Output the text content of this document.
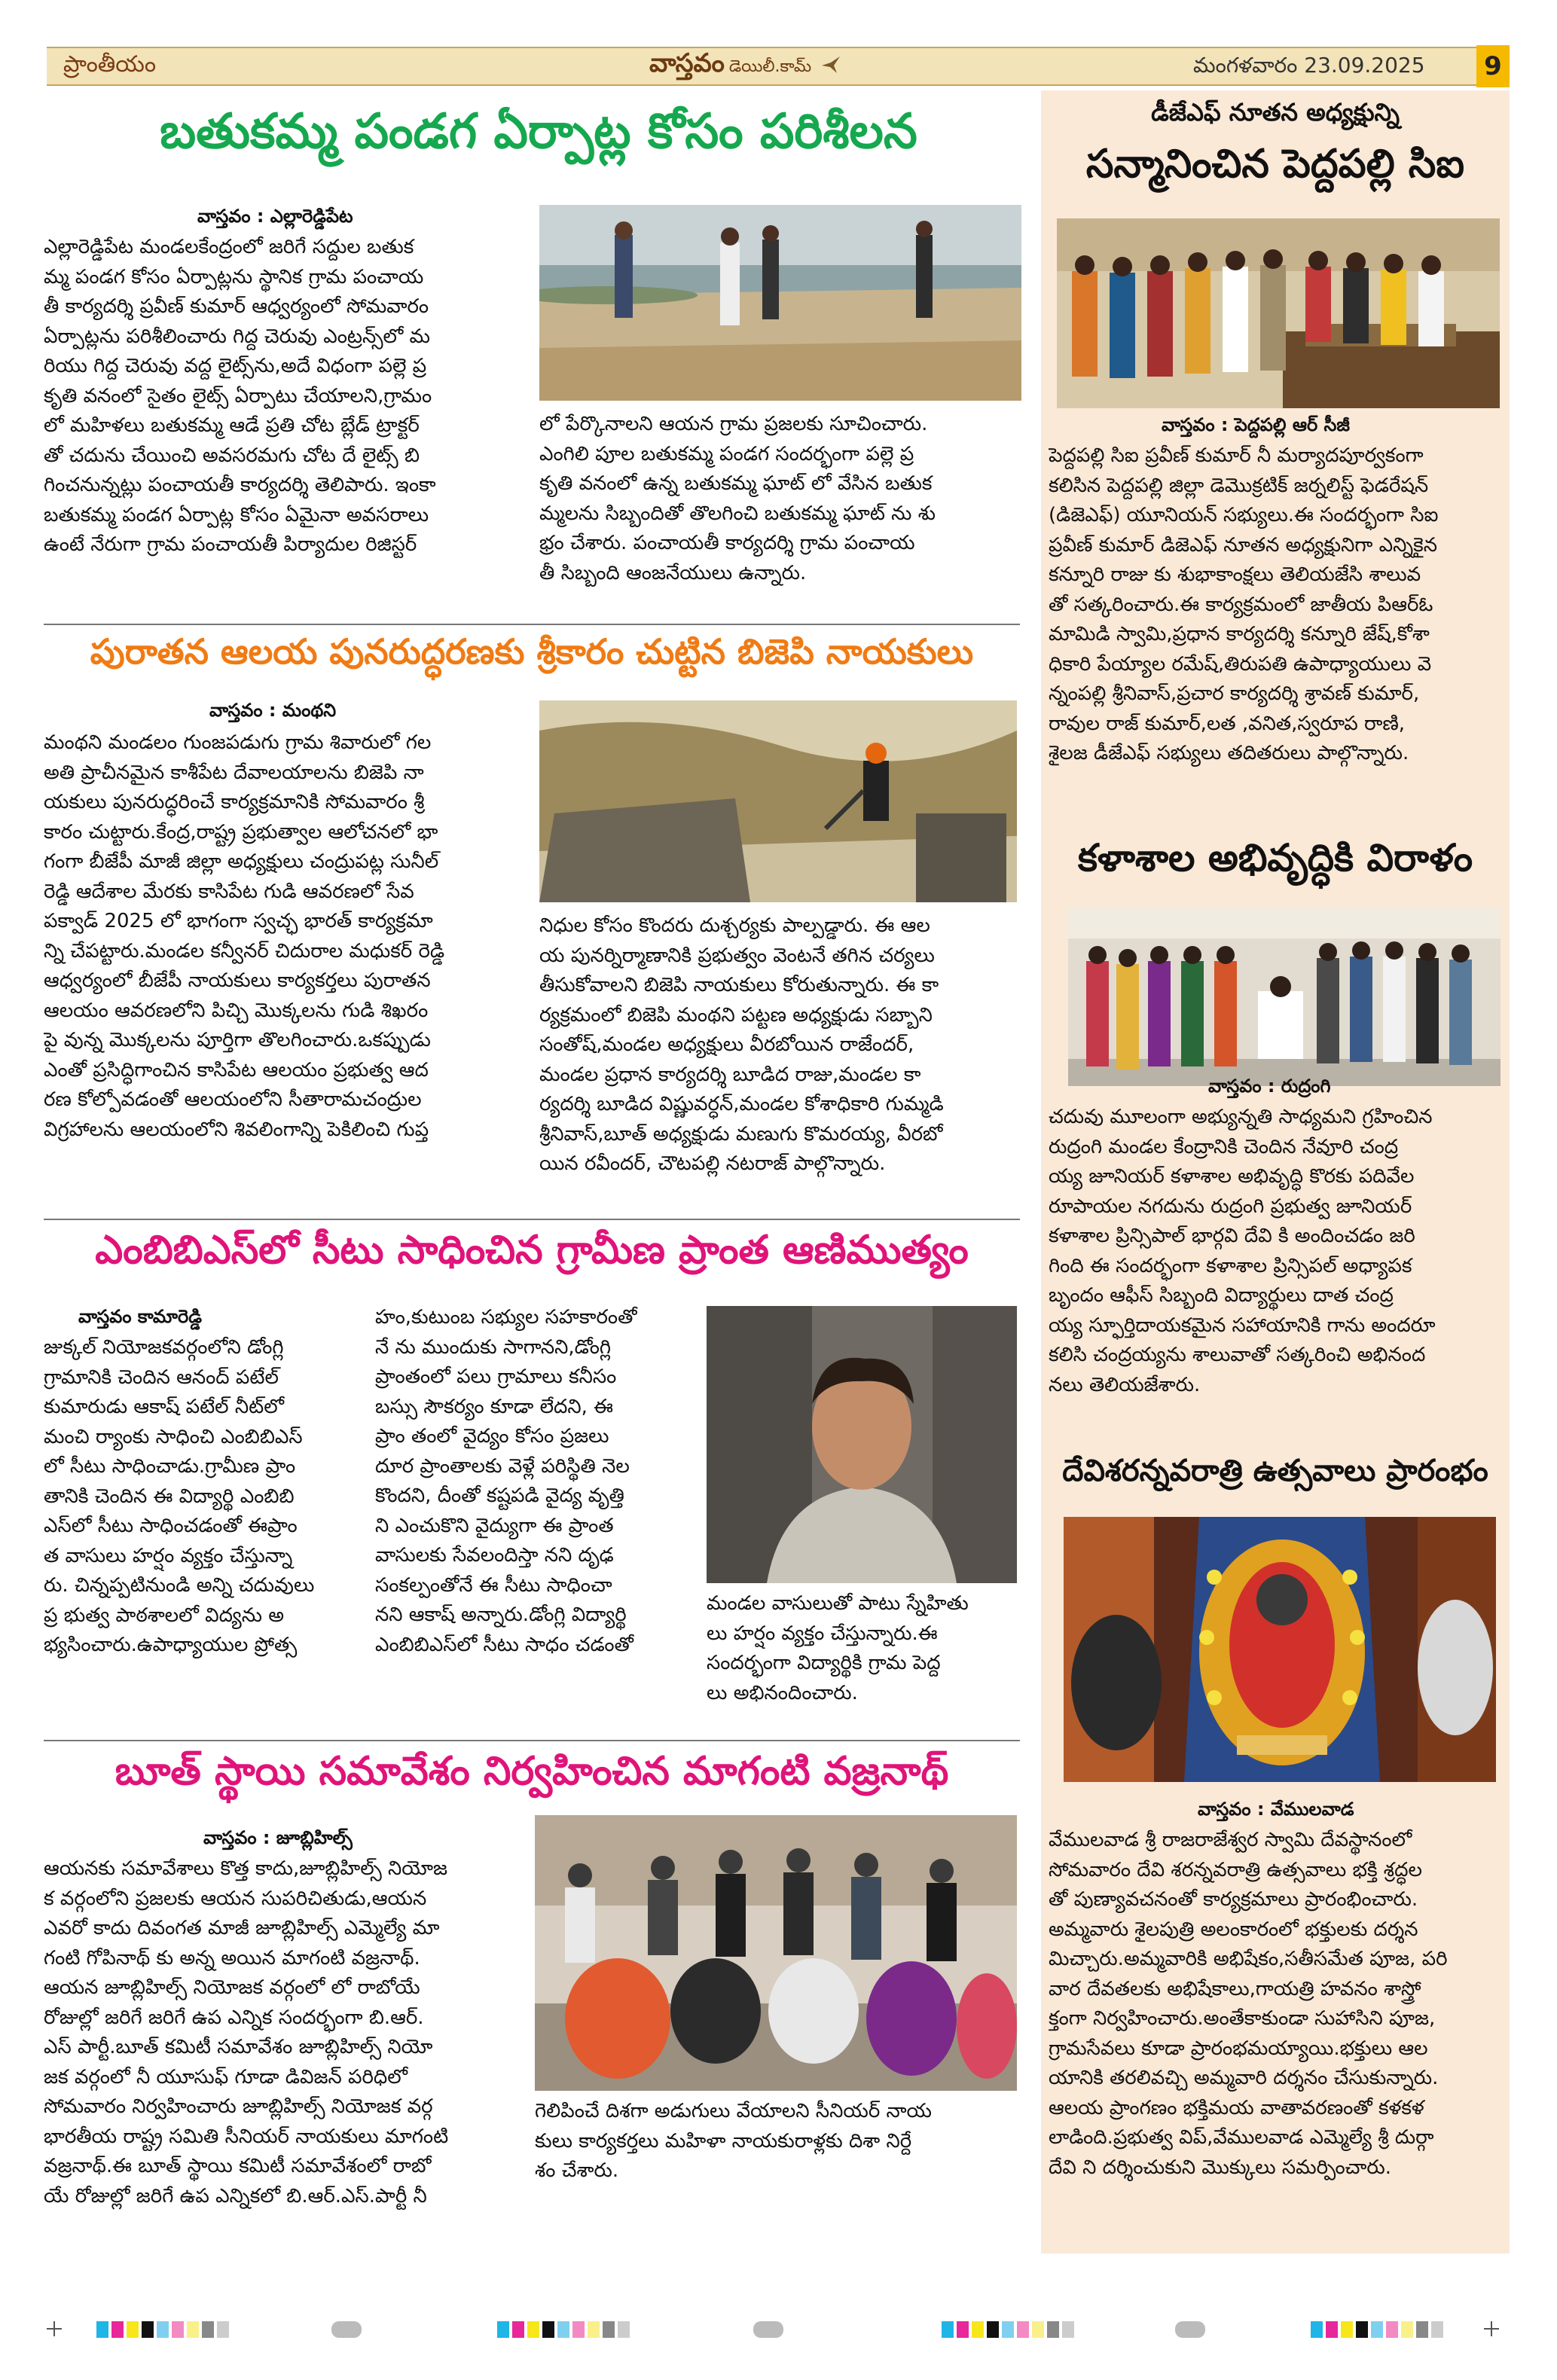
ప్రాంతీయం	వాస్తవం డెయిలీ.కామ్	మంగళవారం 23.09.2025 9
బతుకమ్మ పండగ ఏర్పాట్ల కోసం పరిశీలన
వాస్తవం : ఎల్లారెడ్డిపేట
ఎల్లారెడ్డిపేట మండలకేంద్రంలో జరిగే సద్దుల బతుక
మ్మ పండగ కోసం ఏర్పాట్లను స్థానిక గ్రామ పంచాయ
తీ కార్యదర్శి ప్రవీణ్ కుమార్ ఆధ్వర్యంలో సోమవారం
ఏర్పాట్లను పరిశీలించారు గిద్ద చెరువు ఎంట్రన్స్‌లో మ
రియు గిద్ద చెరువు వద్ద లైట్స్‌ను,అదే విధంగా పల్లె ప్ర
కృతి వనంలో సైతం లైట్స్ ఏర్పాటు చేయాలని,గ్రామం
లో మహిళలు బతుకమ్మ ఆడే ప్రతి చోట బ్లేడ్ ట్రాక్టర్
తో చదును చేయించి అవసరమగు చోట దే లైట్స్ బి
గించనున్నట్లు పంచాయతీ కార్యదర్శి తెలిపారు. ఇంకా
బతుకమ్మ పండగ ఏర్పాట్ల కోసం ఏమైనా అవసరాలు
ఉంటే నేరుగా గ్రామ పంచాయతీ పిర్యాదుల రిజిస్టర్
లో పేర్కొనాలని ఆయన గ్రామ ప్రజలకు సూచించారు.
ఎంగిలి పూల బతుకమ్మ పండగ సందర్భంగా పల్లె ప్ర
కృతి వనంలో ఉన్న బతుకమ్మ ఘాట్ లో వేసిన బతుక
మ్మలను సిబ్బందితో తొలగించి బతుకమ్మ ఘాట్ ను శు
భ్రం చేశారు. పంచాయతీ కార్యదర్శి గ్రామ పంచాయ
తీ సిబ్బంది ఆంజనేయులు ఉన్నారు.
పురాతన ఆలయ పునరుద్ధరణకు శ్రీకారం చుట్టిన బిజెపి నాయకులు
వాస్తవం : మంథని
మంథని మండలం గుంజపడుగు గ్రామ శివారులో గల
అతి ప్రాచీనమైన కాశీపేట దేవాలయాలను బిజెపి నా
యకులు పునరుద్ధరించే కార్యక్రమానికి సోమవారం శ్రీ
కారం చుట్టారు.కేంద్ర,రాష్ట్ర ప్రభుత్వాల ఆలోచనలో భా
గంగా బీజేపీ మాజీ జిల్లా అధ్యక్షులు చంద్రుపట్ల సునీల్
రెడ్డి ఆదేశాల మేరకు కాసిపేట గుడి ఆవరణలో సేవ
పక్వాడ్ 2025 లో భాగంగా స్వచ్ఛ భారత్ కార్యక్రమా
న్ని చేపట్టారు.మండల కన్వీనర్ చిదురాల మధుకర్ రెడ్డి
ఆధ్వర్యంలో బీజేపీ నాయకులు కార్యకర్తలు పురాతన
ఆలయం ఆవరణలోని పిచ్చి మొక్కలను గుడి శిఖరం
పై వున్న మొక్కలను పూర్తిగా తొలగించారు.ఒకప్పుడు
ఎంతో ప్రసిద్ధిగాంచిన కాసిపేట ఆలయం ప్రభుత్వ ఆద
రణ కోల్పోవడంతో ఆలయంలోని సీతారామచంద్రుల
విగ్రహాలను ఆలయంలోని శివలింగాన్ని పెకిలించి గుప్త
నిధుల కోసం కొందరు దుశ్చర్యకు పాల్పడ్డారు. ఈ ఆల
య పునర్నిర్మాణానికి ప్రభుత్వం వెంటనే తగిన చర్యలు
తీసుకోవాలని బిజెపి నాయకులు కోరుతున్నారు. ఈ కా
ర్యక్రమంలో బిజెపి మంథని పట్టణ అధ్యక్షుడు సబ్బాని
సంతోష్,మండల అధ్యక్షులు వీరబోయిన రాజేందర్,
మండల ప్రధాన కార్యదర్శి బూడిద రాజు,మండల కా
ర్యదర్శి బూడిద విష్ణువర్ధన్,మండల కోశాధికారి గుమ్మడి
శ్రీనివాస్,బూత్ అధ్యక్షుడు మణుగు కొమరయ్య, వీరబో
యిన రవీందర్, చౌటపల్లి నటరాజ్ పాల్గొన్నారు.
ఎంబిబిఎస్‌లో సీటు సాధించిన గ్రామీణ ప్రాంత ఆణిముత్యం
వాస్తవం కామారెడ్డి
జుక్కల్ నియోజకవర్గంలోని డోంగ్లి
గ్రామానికి చెందిన ఆనంద్ పటేల్
కుమారుడు ఆకాష్ పటేల్ నీట్‌లో
మంచి ర్యాంకు సాధించి ఎంబిబిఎస్
లో సీటు సాధించాడు.గ్రామీణ ప్రాం
తానికి చెందిన ఈ విద్యార్థి ఎంబిబి
ఎస్‌లో సీటు సాధించడంతో ఈప్రాం
త వాసులు హర్షం వ్యక్తం చేస్తున్నా
రు. చిన్నప్పటినుండి అన్ని చదువులు
ప్ర భుత్వ పాఠశాలలో విద్యను అ
భ్యసించారు.ఉపాధ్యాయుల ప్రోత్స
హం,కుటుంబ సభ్యుల సహకారంతో
నే ను ముందుకు సాగానని,డోంగ్లి
ప్రాంతంలో పలు గ్రామాలు కనీసం
బస్సు సౌకర్యం కూడా లేదని, ఈ
ప్రాం తంలో వైద్యం కోసం ప్రజలు
దూర ప్రాంతాలకు వెళ్లే పరిస్థితి నెల
కొందని, దీంతో కష్టపడి వైద్య వృత్తి
ని ఎంచుకొని వైద్యుగా ఈ ప్రాంత
వాసులకు సేవలందిస్తా నని దృఢ
సంకల్పంతోనే ఈ సీటు సాధించా
నని ఆకాష్ అన్నారు.డోంగ్లి విద్యార్థి
ఎంబిబిఎస్‌లో సీటు సాధం చడంతో
మండల వాసులుతో పాటు స్నేహితు
లు హర్షం వ్యక్తం చేస్తున్నారు.ఈ
సందర్భంగా విద్యార్థికి గ్రామ పెద్ద
లు అభినందించారు.
బూత్ స్థాయి సమావేశం నిర్వహించిన మాగంటి వజ్రనాథ్
వాస్తవం : జూబ్లిహిల్స్
ఆయనకు సమావేశాలు కొత్త కాదు,జూబ్లిహిల్స్ నియోజ
క వర్గంలోని ప్రజలకు ఆయన సుపరిచితుడు,ఆయన
ఎవరో కాదు దివంగత మాజీ జూబ్లిహిల్స్ ఎమ్మెల్యే మా
గంటి గోపినాథ్ కు అన్న అయిన మాగంటి వజ్రనాథ్.
ఆయన జూబ్లిహిల్స్ నియోజక వర్గంలో లో రాబోయే
రోజుల్లో జరిగే జరిగే ఉప ఎన్నిక సందర్భంగా బి.ఆర్.
ఎస్ పార్టీ.బూత్ కమిటీ సమావేశం జూబ్లిహిల్స్ నియో
జక వర్గంలో నీ యూసుఫ్ గూడా డివిజన్ పరిధిలో
సోమవారం నిర్వహించారు జూబ్లిహిల్స్ నియోజక వర్గ
భారతీయ రాష్ట్ర సమితి సీనియర్ నాయకులు మాగంటి
వజ్రనాథ్.ఈ బూత్ స్థాయి కమిటీ సమావేశంలో రాబో
యే రోజుల్లో జరిగే ఉప ఎన్నికలో బి.ఆర్.ఎస్.పార్టీ నీ
గెలిపించే దిశగా అడుగులు వేయాలని సీనియర్ నాయ
కులు కార్యకర్తలు మహిళా నాయకురాళ్లకు దిశా నిర్దే
శం చేశారు.
డీజేఎఫ్ నూతన అధ్యక్షున్ని
సన్మానించిన పెద్దపల్లి సిఐ
వాస్తవం : పెద్దపల్లి ఆర్ సీజీ
పెద్దపల్లి సిఐ ప్రవీణ్ కుమార్ నీ మర్యాదపూర్వకంగా
కలిసిన పెద్దపల్లి జిల్లా డెమొక్రటిక్ జర్నలిస్ట్ ఫెడరేషన్
(డిజెఎఫ్) యూనియన్ సభ్యులు.ఈ సందర్భంగా సిఐ
ప్రవీణ్ కుమార్ డిజెఎఫ్ నూతన అధ్యక్షునిగా ఎన్నికైన
కన్నూరి రాజు కు శుభాకాంక్షలు తెలియజేసి శాలువ
తో సత్కరించారు.ఈ కార్యక్రమంలో జాతీయ పిఆర్ఓ
మామిడి స్వామి,ప్రధాన కార్యదర్శి కన్నూరి జేష్,కోశా
ధికారి పేయ్యాల రమేష్,తిరుపతి ఉపాధ్యాయులు వె
న్నంపల్లి శ్రీనివాస్,ప్రచార కార్యదర్శి శ్రావణ్ కుమార్,
రావుల రాజ్ కుమార్,లత ,వనిత,స్వరూప రాణి,
శైలజ డీజేఎఫ్ సభ్యులు తదితరులు పాల్గొన్నారు.
కళాశాల అభివృద్ధికి విరాళం
వాస్తవం : రుద్రంగి
చదువు మూలంగా అభ్యున్నతి సాధ్యమని గ్రహించిన
రుద్రంగి మండల కేంద్రానికి చెందిన నేవూరి చంద్ర
య్య జూనియర్ కళాశాల అభివృద్ధి కొరకు పదివేల
రూపాయల నగదును రుద్రంగి ప్రభుత్వ జూనియర్
కళాశాల ప్రిన్సిపాల్ భార్గవి దేవి కి అందించడం జరి
గింది ఈ సందర్భంగా కళాశాల ప్రిన్సిపల్ అధ్యాపక
బృందం ఆఫీస్ సిబ్బంది విద్యార్థులు దాత చంద్ర
య్య స్ఫూర్తిదాయకమైన సహాయానికి గాను అందరూ
కలిసి చంద్రయ్యను శాలువాతో సత్కరించి అభినంద
నలు తెలియజేశారు.
దేవిశరన్నవరాత్రి ఉత్సవాలు ప్రారంభం
వాస్తవం : వేములవాడ
వేములవాడ శ్రీ రాజరాజేశ్వర స్వామి దేవస్థానంలో
సోమవారం దేవి శరన్నవరాత్రి ఉత్సవాలు భక్తి శ్రద్ధల
తో పుణ్యావచనంతో కార్యక్రమాలు ప్రారంభించారు.
అమ్మవారు శైలపుత్రి అలంకారంలో భక్తులకు దర్శన
మిచ్చారు.అమ్మవారికి అభిషేకం,సతీసమేత పూజ, పరి
వార దేవతలకు అభిషేకాలు,గాయత్రి హవనం శాస్త్రో
క్తంగా నిర్వహించారు.అంతేకాకుండా సుహాసిని పూజ,
గ్రామసేవలు కూడా ప్రారంభమయ్యాయి.భక్తులు ఆల
యానికి తరలివచ్చి అమ్మవారి దర్శనం చేసుకున్నారు.
ఆలయ ప్రాంగణం భక్తిమయ వాతావరణంతో కళకళ
లాడింది.ప్రభుత్వ విప్,వేములవాడ ఎమ్మెల్యే శ్రీ దుర్గా
దేవి ని దర్శించుకుని మొక్కులు సమర్పించారు.
